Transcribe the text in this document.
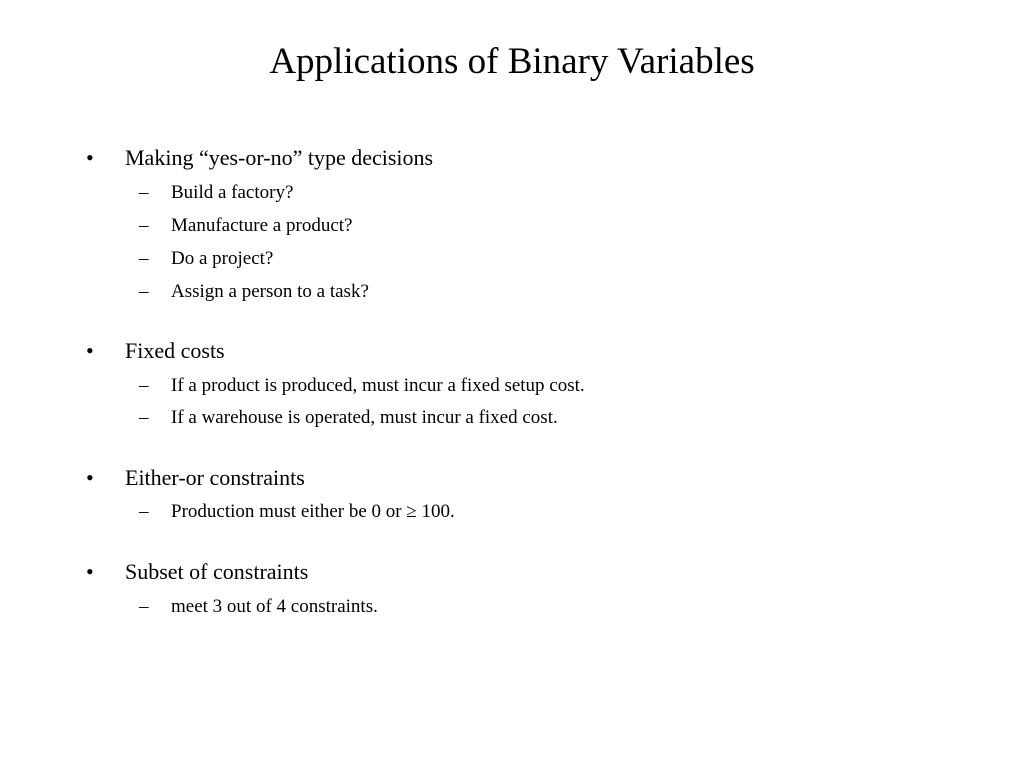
Applications of Binary Variables
• Making “yes-or-no” type decisions
– Build a factory?
– Manufacture a product?
– Do a project?
– Assign a person to a task?
• Fixed costs
– If a product is produced, must incur a fixed setup cost.
– If a warehouse is operated, must incur a fixed cost.
• Either-or constraints
– Production must either be 0 or ≥ 100.
• Subset of constraints
– meet 3 out of 4 constraints.
